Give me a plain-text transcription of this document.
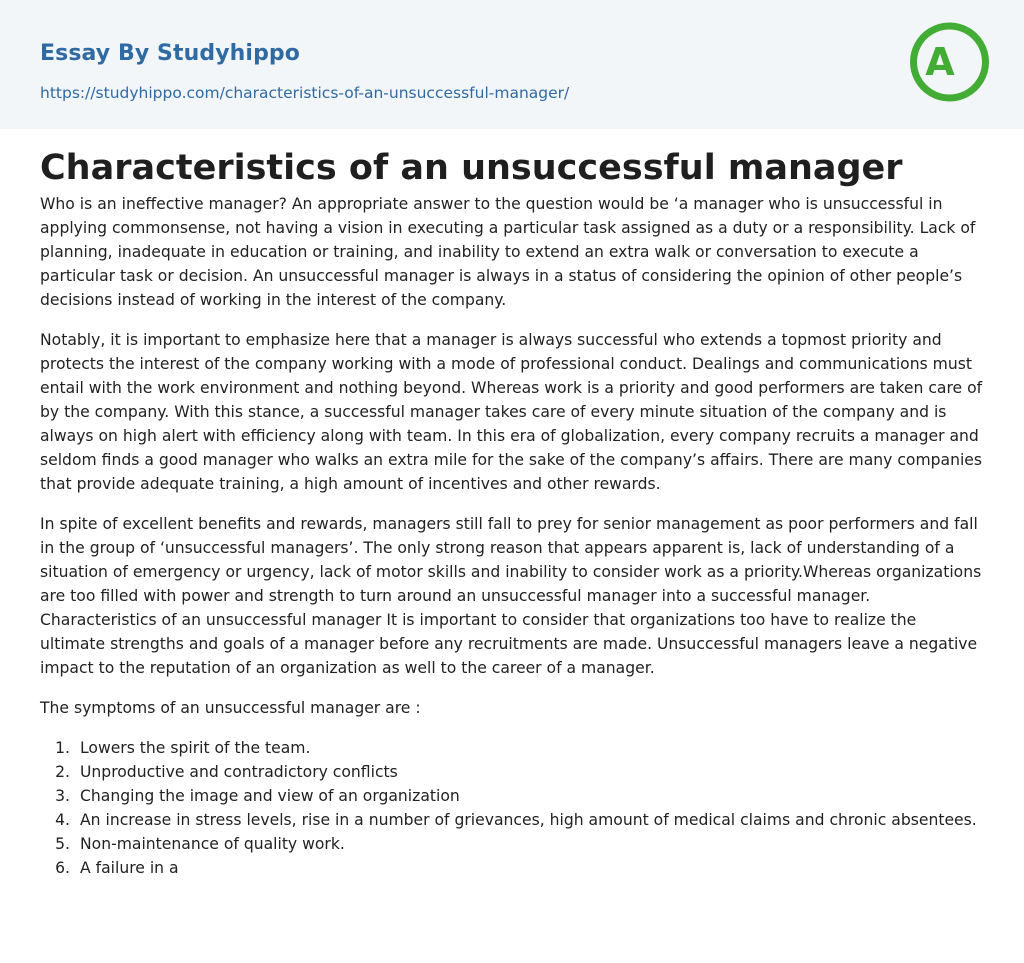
Essay By Studyhippo
https://studyhippo.com/characteristics-of-an-unsuccessful-manager/
A
Characteristics of an unsuccessful manager

Who is an ineffective manager? An appropriate answer to the question would be ‘a manager who is unsuccessful in applying commonsense, not having a vision in executing a particular task assigned as a duty or a responsibility. Lack of planning, inadequate in education or training, and inability to extend an extra walk or conversation to execute a particular task or decision. An unsuccessful manager is always in a status of considering the opinion of other people’s decisions instead of working in the interest of the company.

Notably, it is important to emphasize here that a manager is always successful who extends a topmost priority and protects the interest of the company working with a mode of professional conduct. Dealings and communications must entail with the work environment and nothing beyond. Whereas work is a priority and good performers are taken care of by the company. With this stance, a successful manager takes care of every minute situation of the company and is always on high alert with efficiency along with team. In this era of globalization, every company recruits a manager and seldom finds a good manager who walks an extra mile for the sake of the company’s affairs. There are many companies that provide adequate training, a high amount of incentives and other rewards.

In spite of excellent benefits and rewards, managers still fall to prey for senior management as poor performers and fall in the group of ‘unsuccessful managers’. The only strong reason that appears apparent is, lack of understanding of a situation of emergency or urgency, lack of motor skills and inability to consider work as a priority.Whereas organizations are too filled with power and strength to turn around an unsuccessful manager into a successful manager. Characteristics of an unsuccessful manager It is important to consider that organizations too have to realize the ultimate strengths and goals of a manager before any recruitments are made. Unsuccessful managers leave a negative impact to the reputation of an organization as well to the career of a manager.

The symptoms of an unsuccessful manager are :

1. Lowers the spirit of the team.
2. Unproductive and contradictory conflicts
3. Changing the image and view of an organization
4. An increase in stress levels, rise in a number of grievances, high amount of medical claims and chronic absentees.
5. Non-maintenance of quality work.
6. A failure in a
